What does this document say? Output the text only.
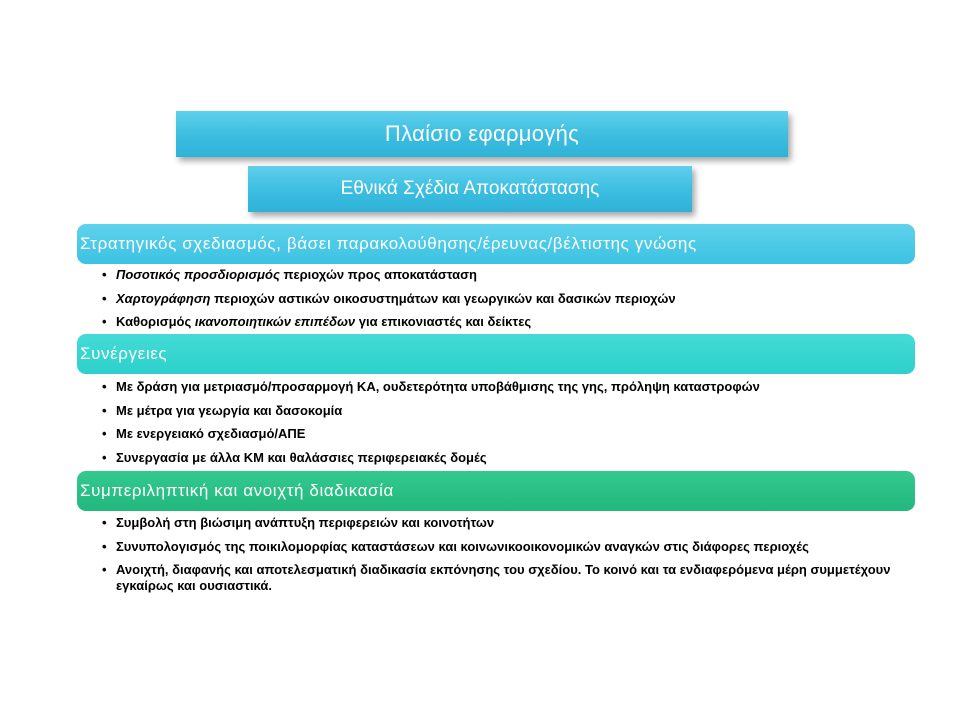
Πλαίσιο εφαρμογής
Εθνικά Σχέδια Αποκατάστασης
Στρατηγικός σχεδιασμός, βάσει παρακολούθησης/έρευνας/βέλτιστης γνώσης
• Ποσοτικός προσδιορισμός περιοχών προς αποκατάσταση
• Χαρτογράφηση περιοχών αστικών οικοσυστημάτων και γεωργικών και δασικών περιοχών
• Καθορισμός ικανοποιητικών επιπέδων για επικονιαστές και δείκτες
Συνέργειες
• Με δράση για μετριασμό/προσαρμογή ΚΑ, ουδετερότητα υποβάθμισης της γης, πρόληψη καταστροφών
• Με μέτρα για γεωργία και δασοκομία
• Με ενεργειακό σχεδιασμό/ΑΠΕ
• Συνεργασία με άλλα ΚΜ και θαλάσσιες περιφερειακές δομές
Συμπεριληπτική και ανοιχτή διαδικασία
• Συμβολή στη βιώσιμη ανάπτυξη περιφερειών και κοινοτήτων
• Συνυπολογισμός της ποικιλομορφίας καταστάσεων και κοινωνικοοικονομικών αναγκών στις διάφορες περιοχές
• Ανοιχτή, διαφανής και αποτελεσματική διαδικασία εκπόνησης του σχεδίου. Το κοινό και τα ενδιαφερόμενα μέρη συμμετέχουν εγκαίρως και ουσιαστικά.
